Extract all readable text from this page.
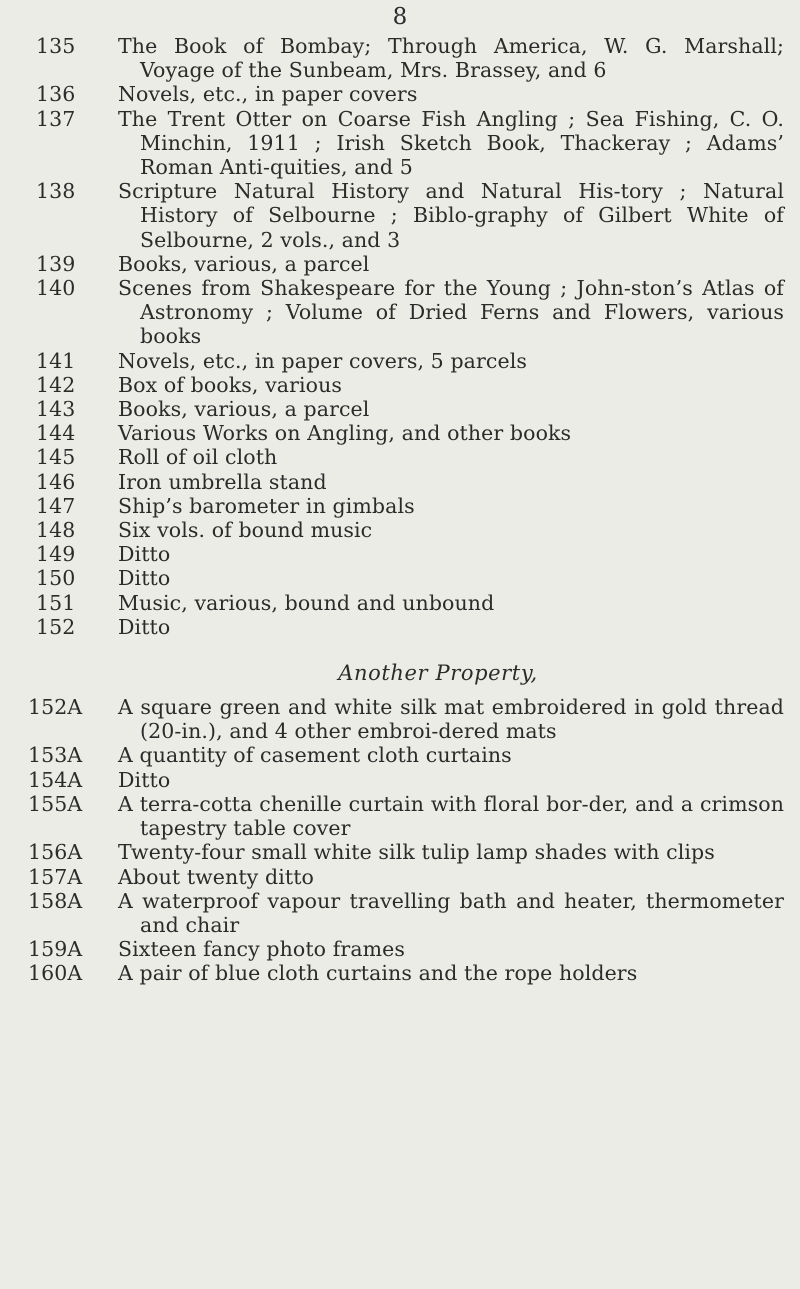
8
135	The Book of Bombay; Through America, W. G. Marshall; Voyage of the Sunbeam, Mrs. Brassey, and 6
136	Novels, etc., in paper covers
137	The Trent Otter on Coarse Fish Angling ; Sea Fishing, C. O. Minchin, 1911 ; Irish Sketch Book, Thackeray ; Adams’ Roman Anti-quities, and 5
138	Scripture Natural History and Natural His-tory ; Natural History of Selbourne ; Biblo-graphy of Gilbert White of Selbourne, 2 vols., and 3
139	Books, various, a parcel
140	Scenes from Shakespeare for the Young ; John-ston’s Atlas of Astronomy ; Volume of Dried Ferns and Flowers, various books
141	Novels, etc., in paper covers, 5 parcels
142	Box of books, various
143	Books, various, a parcel
144	Various Works on Angling, and other books
145	Roll of oil cloth
146	Iron umbrella stand
147	Ship’s barometer in gimbals
148	Six vols. of bound music
149	Ditto
150	Ditto
151	Music, various, bound and unbound
152	Ditto
Another Property,
152A	A square green and white silk mat embroidered in gold thread (20-in.), and 4 other embroi-dered mats
153A	A quantity of casement cloth curtains
154A	Ditto
155A	A terra-cotta chenille curtain with floral bor-der, and a crimson tapestry table cover
156A	Twenty-four small white silk tulip lamp shades with clips
157A	About twenty ditto
158A	A waterproof vapour travelling bath and heater, thermometer and chair
159A	Sixteen fancy photo frames
160A	A pair of blue cloth curtains and the rope holders
